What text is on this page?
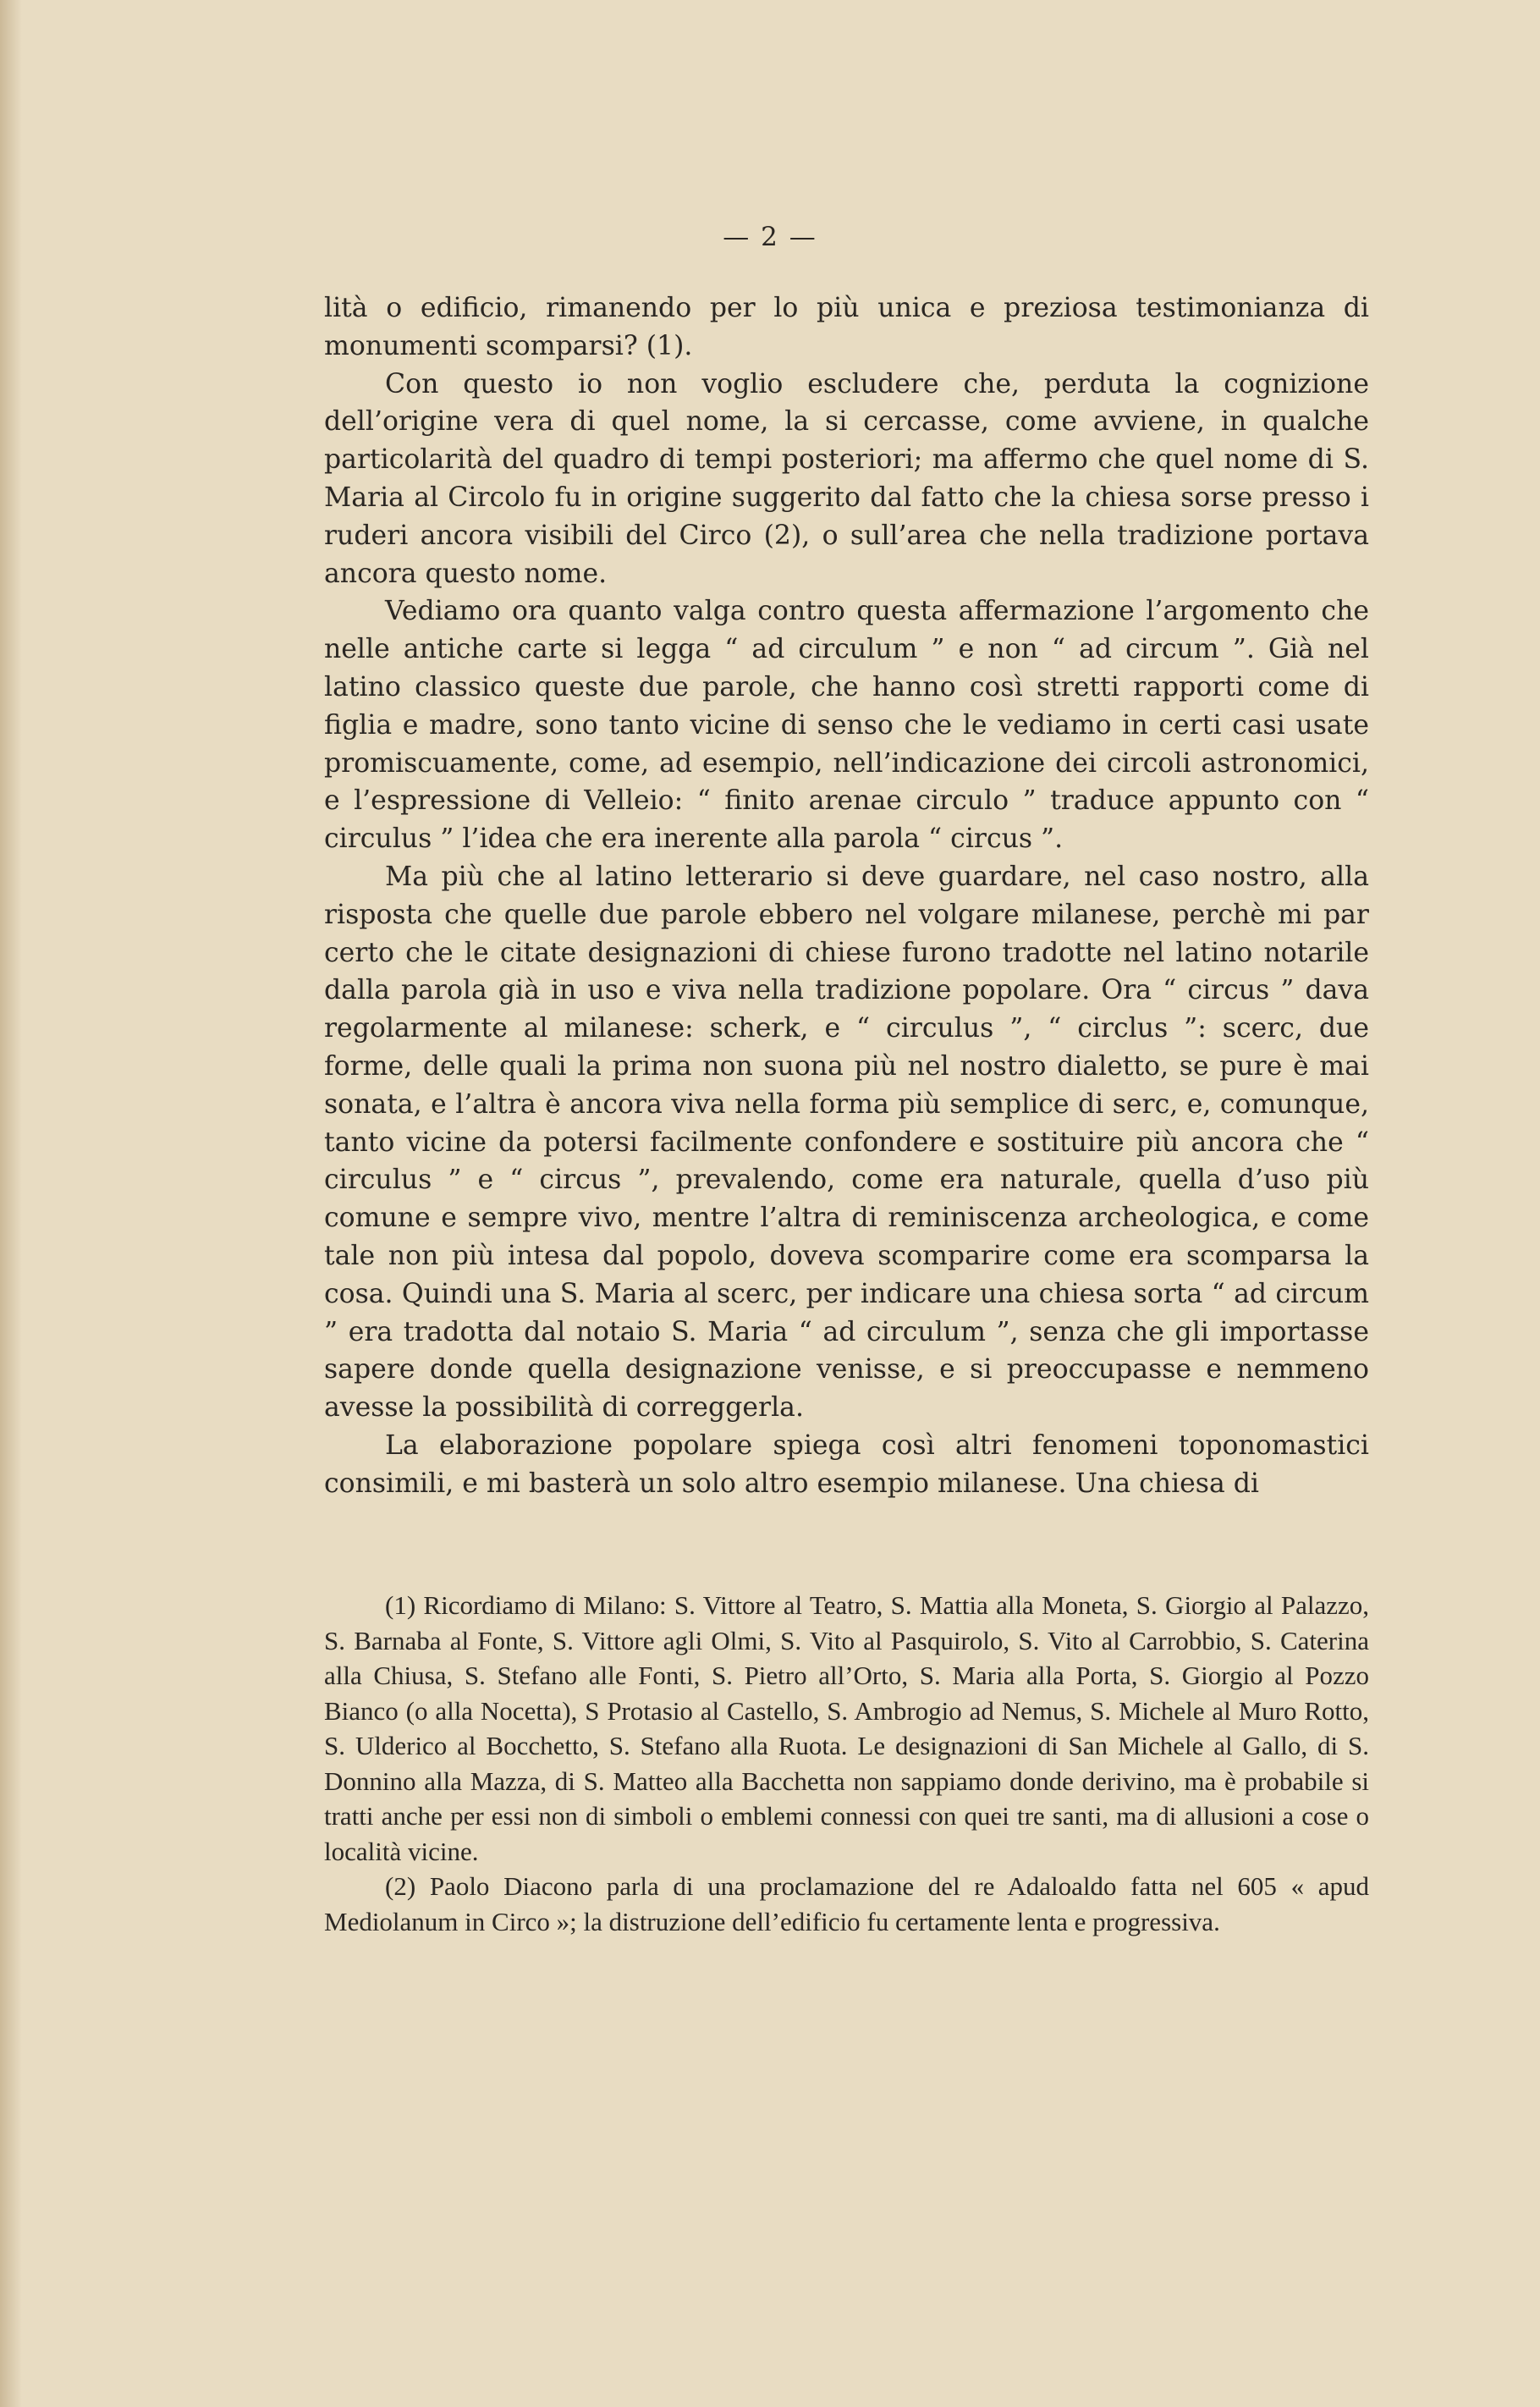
— 2 —

lità o edificio, rimanendo per lo più unica e preziosa testimonianza di monumenti scomparsi? (1).

Con questo io non voglio escludere che, perduta la cognizione dell’origine vera di quel nome, la si cercasse, come avviene, in qualche particolarità del quadro di tempi posteriori; ma affermo che quel nome di S. Maria al Circolo fu in origine suggerito dal fatto che la chiesa sorse presso i ruderi ancora visibili del Circo (2), o sull’area che nella tradizione portava ancora questo nome.

Vediamo ora quanto valga contro questa affermazione l’argomento che nelle antiche carte si legga “ ad circulum ” e non “ ad circum ”. Già nel latino classico queste due parole, che hanno così stretti rapporti come di figlia e madre, sono tanto vicine di senso che le vediamo in certi casi usate promiscuamente, come, ad esempio, nell’indicazione dei circoli astronomici, e l’espressione di Velleio: “ finito arenae circulo ” traduce appunto con “ circulus ” l’idea che era inerente alla parola “ circus ”.

Ma più che al latino letterario si deve guardare, nel caso nostro, alla risposta che quelle due parole ebbero nel volgare milanese, perchè mi par certo che le citate designazioni di chiese furono tradotte nel latino notarile dalla parola già in uso e viva nella tradizione popolare. Ora “ circus ” dava regolarmente al milanese: scherk, e “ circulus ”, “ circlus ”: scerc, due forme, delle quali la prima non suona più nel nostro dialetto, se pure è mai sonata, e l’altra è ancora viva nella forma più semplice di serc, e, comunque, tanto vicine da potersi facilmente confondere e sostituire più ancora che “ circulus ” e “ circus ”, prevalendo, come era naturale, quella d’uso più comune e sempre vivo, mentre l’altra di reminiscenza archeologica, e come tale non più intesa dal popolo, doveva scomparire come era scomparsa la cosa. Quindi una S. Maria al scerc, per indicare una chiesa sorta “ ad circum ” era tradotta dal notaio S. Maria “ ad circulum ”, senza che gli importasse sapere donde quella designazione venisse, e si preoccupasse e nemmeno avesse la possibilità di correggerla.

La elaborazione popolare spiega così altri fenomeni toponomastici consimili, e mi basterà un solo altro esempio milanese. Una chiesa di

(1) Ricordiamo di Milano: S. Vittore al Teatro, S. Mattia alla Moneta, S. Giorgio al Palazzo, S. Barnaba al Fonte, S. Vittore agli Olmi, S. Vito al Pasquirolo, S. Vito al Carrobbio, S. Caterina alla Chiusa, S. Stefano alle Fonti, S. Pietro all’Orto, S. Maria alla Porta, S. Giorgio al Pozzo Bianco (o alla Nocetta), S Protasio al Castello, S. Ambrogio ad Nemus, S. Michele al Muro Rotto, S. Ulderico al Bocchetto, S. Stefano alla Ruota. Le designazioni di San Michele al Gallo, di S. Donnino alla Mazza, di S. Matteo alla Bacchetta non sappiamo donde derivino, ma è probabile si tratti anche per essi non di simboli o emblemi connessi con quei tre santi, ma di allusioni a cose o località vicine.

(2) Paolo Diacono parla di una proclamazione del re Adaloaldo fatta nel 605 « apud Mediolanum in Circo »; la distruzione dell’edificio fu certamente lenta e progressiva.
